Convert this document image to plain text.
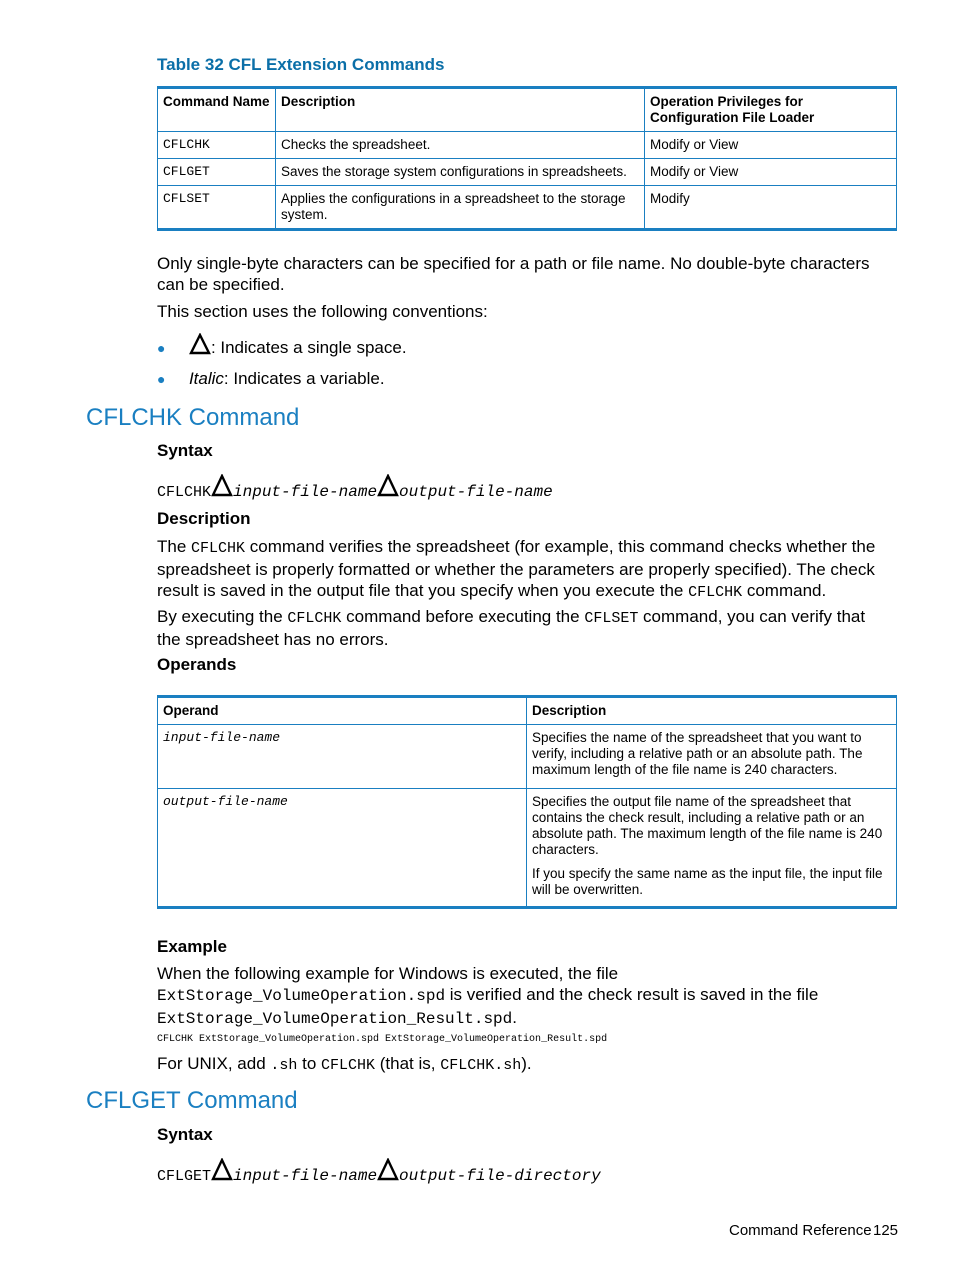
Table 32 CFL Extension Commands
Command Name	Description	Operation Privileges for Configuration File Loader
CFLCHK	Checks the spreadsheet.	Modify or View
CFLGET	Saves the storage system configurations in spreadsheets.	Modify or View
CFLSET	Applies the configurations in a spreadsheet to the storage system.	Modify
Only single-byte characters can be specified for a path or file name. No double-byte characters can be specified.
This section uses the following conventions:
●	: Indicates a single space.
● Italic: Indicates a variable.
CFLCHK Command
Syntax
CFLCHK input-file-name output-file-name
Description
The CFLCHK command verifies the spreadsheet (for example, this command checks whether the spreadsheet is properly formatted or whether the parameters are properly specified). The check result is saved in the output file that you specify when you execute the CFLCHK command.
By executing the CFLCHK command before executing the CFLSET command, you can verify that the spreadsheet has no errors.
Operands
Operand	Description
input-file-name	Specifies the name of the spreadsheet that you want to verify, including a relative path or an absolute path. The maximum length of the file name is 240 characters.
output-file-name	Specifies the output file name of the spreadsheet that contains the check result, including a relative path or an absolute path. The maximum length of the file name is 240 characters.
If you specify the same name as the input file, the input file will be overwritten.
Example
When the following example for Windows is executed, the file
ExtStorage_VolumeOperation.spd is verified and the check result is saved in the file
ExtStorage_VolumeOperation_Result.spd.
CFLCHK ExtStorage_VolumeOperation.spd ExtStorage_VolumeOperation_Result.spd
For UNIX, add .sh to CFLCHK (that is, CFLCHK.sh).
CFLGET Command
Syntax
CFLGET input-file-name output-file-directory
Command Reference 125
